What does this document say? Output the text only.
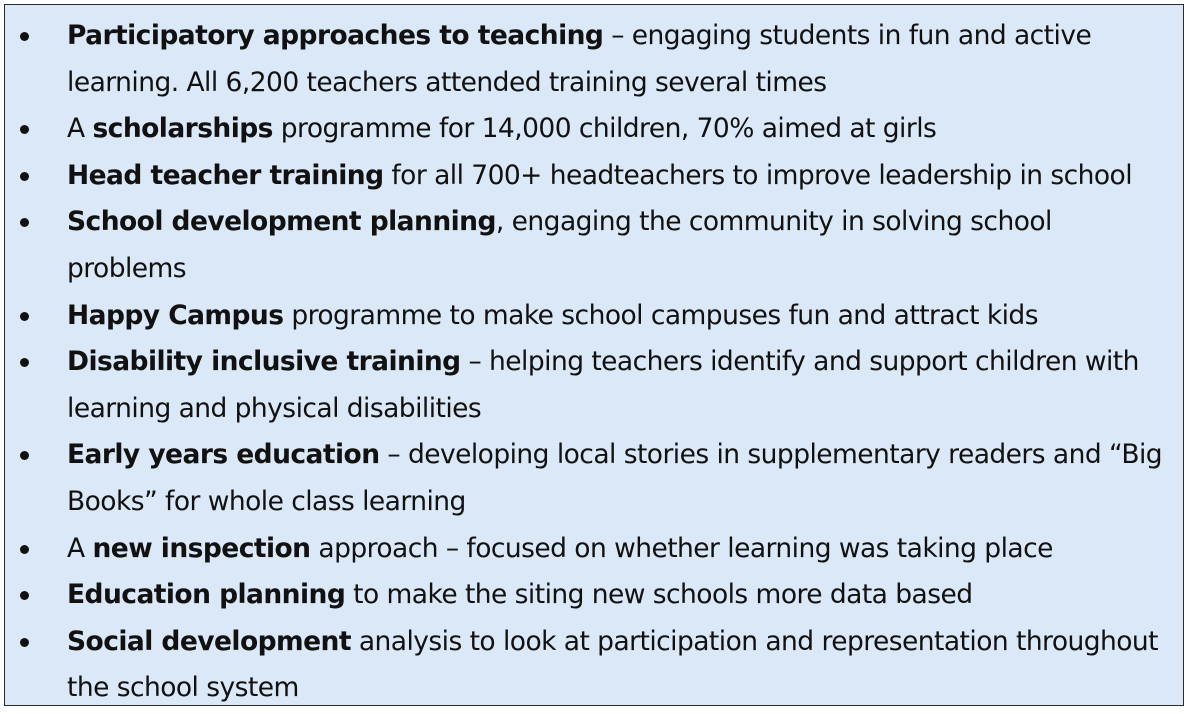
Participatory approaches to teaching – engaging students in fun and active learning. All 6,200 teachers attended training several times
A scholarships programme for 14,000 children, 70% aimed at girls
Head teacher training for all 700+ headteachers to improve leadership in school
School development planning, engaging the community in solving school problems
Happy Campus programme to make school campuses fun and attract kids
Disability inclusive training – helping teachers identify and support children with learning and physical disabilities
Early years education – developing local stories in supplementary readers and “Big Books” for whole class learning
A new inspection approach – focused on whether learning was taking place
Education planning to make the siting new schools more data based
Social development analysis to look at participation and representation throughout the school system
